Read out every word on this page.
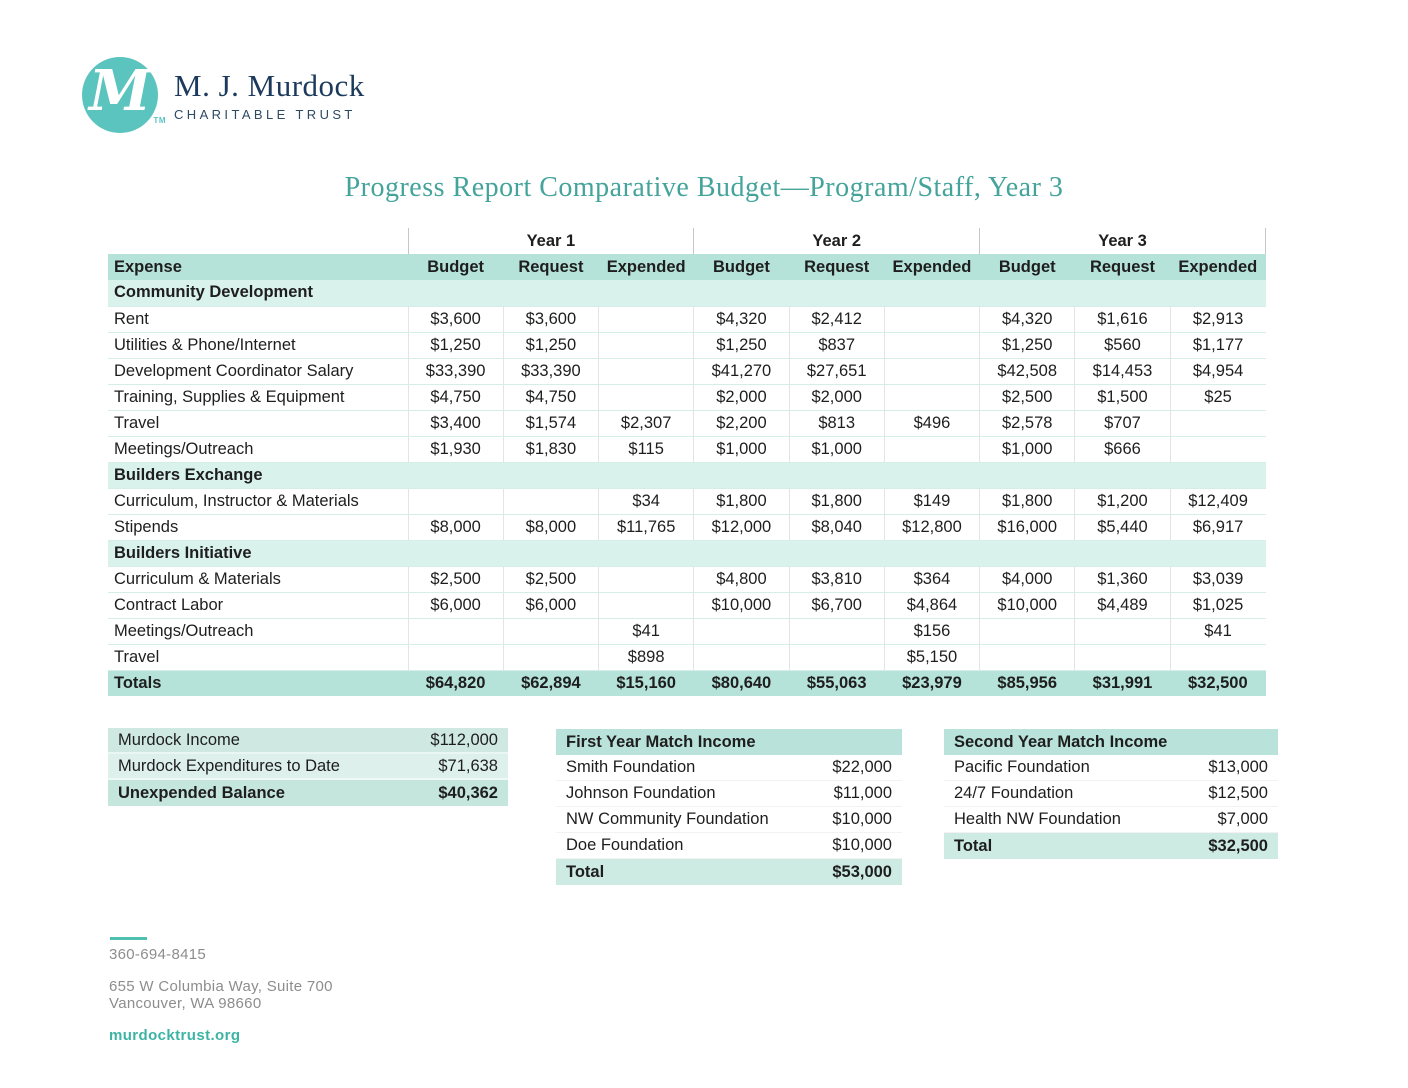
M TM
M. J. Murdock
CHARITABLE TRUST
Progress Report Comparative Budget—Program/Staff, Year 3
	Year 1			Year 2			Year 3		
Expense	Budget	Request	Expended	Budget	Request	Expended	Budget	Request	Expended
Community Development									
Rent	$3,600	$3,600		$4,320	$2,412		$4,320	$1,616	$2,913
Utilities & Phone/Internet	$1,250	$1,250		$1,250	$837		$1,250	$560	$1,177
Development Coordinator Salary	$33,390	$33,390		$41,270	$27,651		$42,508	$14,453	$4,954
Training, Supplies & Equipment	$4,750	$4,750		$2,000	$2,000		$2,500	$1,500	$25
Travel	$3,400	$1,574	$2,307	$2,200	$813	$496	$2,578	$707	
Meetings/Outreach	$1,930	$1,830	$115	$1,000	$1,000		$1,000	$666	
Builders Exchange									
Curriculum, Instructor & Materials			$34	$1,800	$1,800	$149	$1,800	$1,200	$12,409
Stipends	$8,000	$8,000	$11,765	$12,000	$8,040	$12,800	$16,000	$5,440	$6,917
Builders Initiative									
Curriculum & Materials	$2,500	$2,500		$4,800	$3,810	$364	$4,000	$1,360	$3,039
Contract Labor	$6,000	$6,000		$10,000	$6,700	$4,864	$10,000	$4,489	$1,025
Meetings/Outreach			$41			$156			$41
Travel			$898			$5,150			
Totals	$64,820	$62,894	$15,160	$80,640	$55,063	$23,979	$85,956	$31,991	$32,500
Murdock Income	$112,000
Murdock Expenditures to Date	$71,638
Unexpended Balance	$40,362
First Year Match Income
Smith Foundation	$22,000
Johnson Foundation	$11,000
NW Community Foundation	$10,000
Doe Foundation	$10,000
Total	$53,000
Second Year Match Income
Pacific Foundation	$13,000
24/7 Foundation	$12,500
Health NW Foundation	$7,000
Total	$32,500
360-694-8415
655 W Columbia Way, Suite 700
Vancouver, WA 98660
murdocktrust.org
